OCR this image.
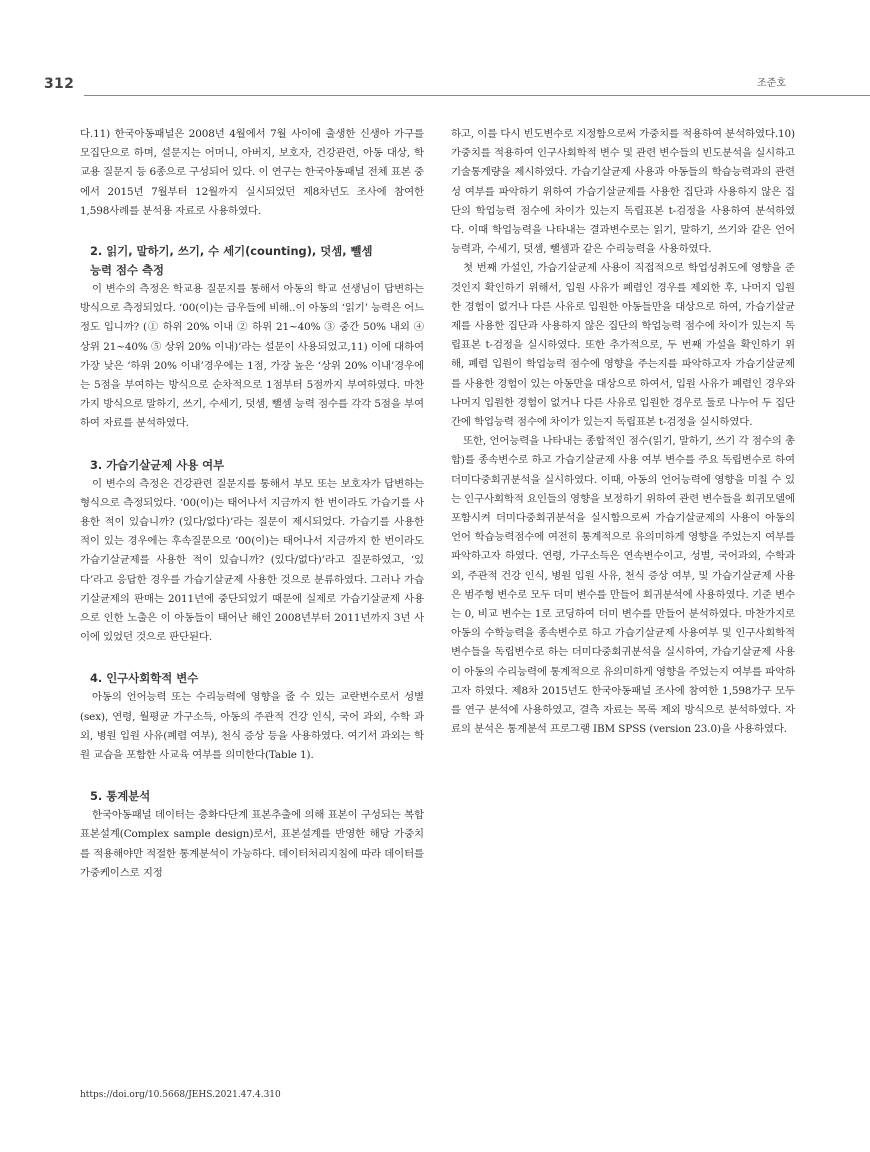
312	조준호

다.11) 한국아동패널은 2008년 4월에서 7월 사이에 출생한 신생아 가구를 모집단으로 하며, 설문지는 어머니, 아버지, 보호자, 건강관련, 아동 대상, 학교용 질문지 등 6종으로 구성되어 있다. 이 연구는 한국아동패널 전체 표본 중에서 2015년 7월부터 12월까지 실시되었던 제8차년도 조사에 참여한 1,598사례를 분석용 자료로 사용하였다.

2. 읽기, 말하기, 쓰기, 수 세기(counting), 덧셈, 뺄셈
능력 점수 측정

이 변수의 측정은 학교용 질문지를 통해서 아동의 학교 선생님이 답변하는 방식으로 측정되었다. ‘00(이)는 급우들에 비해..이 아동의 ‘읽기’ 능력은 어느 정도 입니까? (① 하위 20% 이내 ② 하위 21~40% ③ 중간 50% 내외 ④ 상위 21~40% ⑤ 상위 20% 이내)’라는 설문이 사용되었고,11) 이에 대하여 가장 낮은 ‘하위 20% 이내’경우에는 1점, 가장 높은 ‘상위 20% 이내’경우에는 5점을 부여하는 방식으로 순차적으로 1점부터 5점까지 부여하였다. 마찬가지 방식으로 말하기, 쓰기, 수세기, 덧셈, 뺄셈 능력 점수를 각각 5점을 부여하여 자료를 분석하였다.

3. 가습기살균제 사용 여부

이 변수의 측정은 건강관련 질문지를 통해서 부모 또는 보호자가 답변하는 형식으로 측정되었다. ‘00(이)는 태어나서 지금까지 한 번이라도 가습기를 사용한 적이 있습니까? (있다/없다)’라는 질문이 제시되었다. 가습기를 사용한 적이 있는 경우에는 후속질문으로 ‘00(이)는 태어나서 지금까지 한 번이라도 가습기살균제를 사용한 적이 있습니까? (있다/없다)’라고 질문하였고, ‘있다’라고 응답한 경우를 가습기살균제 사용한 것으로 분류하였다. 그러나 가습기살균제의 판매는 2011년에 중단되었기 때문에 실제로 가습기살균제 사용으로 인한 노출은 이 아동들이 태어난 해인 2008년부터 2011년까지 3년 사이에 있었던 것으로 판단된다.

4. 인구사회학적 변수

아동의 언어능력 또는 수리능력에 영향을 줄 수 있는 교란변수로서 성별(sex), 연령, 월평균 가구소득, 아동의 주관적 건강 인식, 국어 과외, 수학 과외, 병원 입원 사유(폐렴 여부), 천식 증상 등을 사용하였다. 여기서 과외는 학원 교습을 포함한 사교육 여부를 의미한다(Table 1).

5. 통계분석

한국아동패널 데이터는 층화다단계 표본추출에 의해 표본이 구성되는 복합표본설계(Complex sample design)로서, 표본설계를 반영한 해당 가중치를 적용해야만 적절한 통계분석이 가능하다. 데이터처리지침에 따라 데이터를 가중케이스로 지정

하고, 이를 다시 빈도변수로 지정함으로써 가중치를 적용하여 분석하였다.10) 가중치를 적용하여 인구사회학적 변수 및 관련 변수들의 빈도분석을 실시하고 기술통계량을 제시하였다. 가습기살균제 사용과 아동들의 학습능력과의 관련성 여부를 파악하기 위하여 가습기살균제를 사용한 집단과 사용하지 않은 집단의 학업능력 점수에 차이가 있는지 독립표본 t-검정을 사용하여 분석하였다. 이때 학업능력을 나타내는 결과변수로는 읽기, 말하기, 쓰기와 같은 언어능력과, 수세기, 덧셈, 뺄셈과 같은 수리능력을 사용하였다.

첫 번째 가설인, 가습기살균제 사용이 직접적으로 학업성취도에 영향을 준 것인지 확인하기 위해서, 입원 사유가 폐렴인 경우를 제외한 후, 나머지 입원한 경험이 없거나 다른 사유로 입원한 아동들만을 대상으로 하여, 가습기살균제를 사용한 집단과 사용하지 않은 집단의 학업능력 점수에 차이가 있는지 독립표본 t-검정을 실시하였다. 또한 추가적으로, 두 번째 가설을 확인하기 위해, 폐렴 입원이 학업능력 점수에 영향을 주는지를 파악하고자 가습기살균제를 사용한 경험이 있는 아동만을 대상으로 하여서, 입원 사유가 폐렴인 경우와 나머지 입원한 경험이 없거나 다른 사유로 입원한 경우로 둘로 나누어 두 집단 간에 학업능력 점수에 차이가 있는지 독립표본 t-검정을 실시하였다.

또한, 언어능력을 나타내는 종합적인 점수(읽기, 말하기, 쓰기 각 점수의 총합)를 종속변수로 하고 가습기살균제 사용 여부 변수를 주요 독립변수로 하여 더미다중회귀분석을 실시하였다. 이때, 아동의 언어능력에 영향을 미칠 수 있는 인구사회학적 요인들의 영향을 보정하기 위하여 관련 변수들을 회귀모델에 포함시켜 더미다중회귀분석을 실시함으로써 가습기살균제의 사용이 아동의 언어 학습능력점수에 여전히 통계적으로 유의미하게 영향을 주었는지 여부를 파악하고자 하였다. 연령, 가구소득은 연속변수이고, 성별, 국어과외, 수학과외, 주관적 건강 인식, 병원 입원 사유, 천식 증상 여부, 및 가습기살균제 사용은 범주형 변수로 모두 더미 변수를 만들어 회귀분석에 사용하였다. 기준 변수는 0, 비교 변수는 1로 코딩하여 더미 변수를 만들어 분석하였다. 마찬가지로 아동의 수학능력을 종속변수로 하고 가습기살균제 사용여부 및 인구사회학적 변수들을 독립변수로 하는 더미다중회귀분석을 실시하여, 가습기살균제 사용이 아동의 수리능력에 통계적으로 유의미하게 영향을 주었는지 여부를 파악하고자 하였다. 제8차 2015년도 한국아동패널 조사에 참여한 1,598가구 모두를 연구 분석에 사용하였고, 결측 자료는 목록 제외 방식으로 분석하였다. 자료의 분석은 통계분석 프로그램 IBM SPSS (version 23.0)을 사용하였다.

https://doi.org/10.5668/JEHS.2021.47.4.310
